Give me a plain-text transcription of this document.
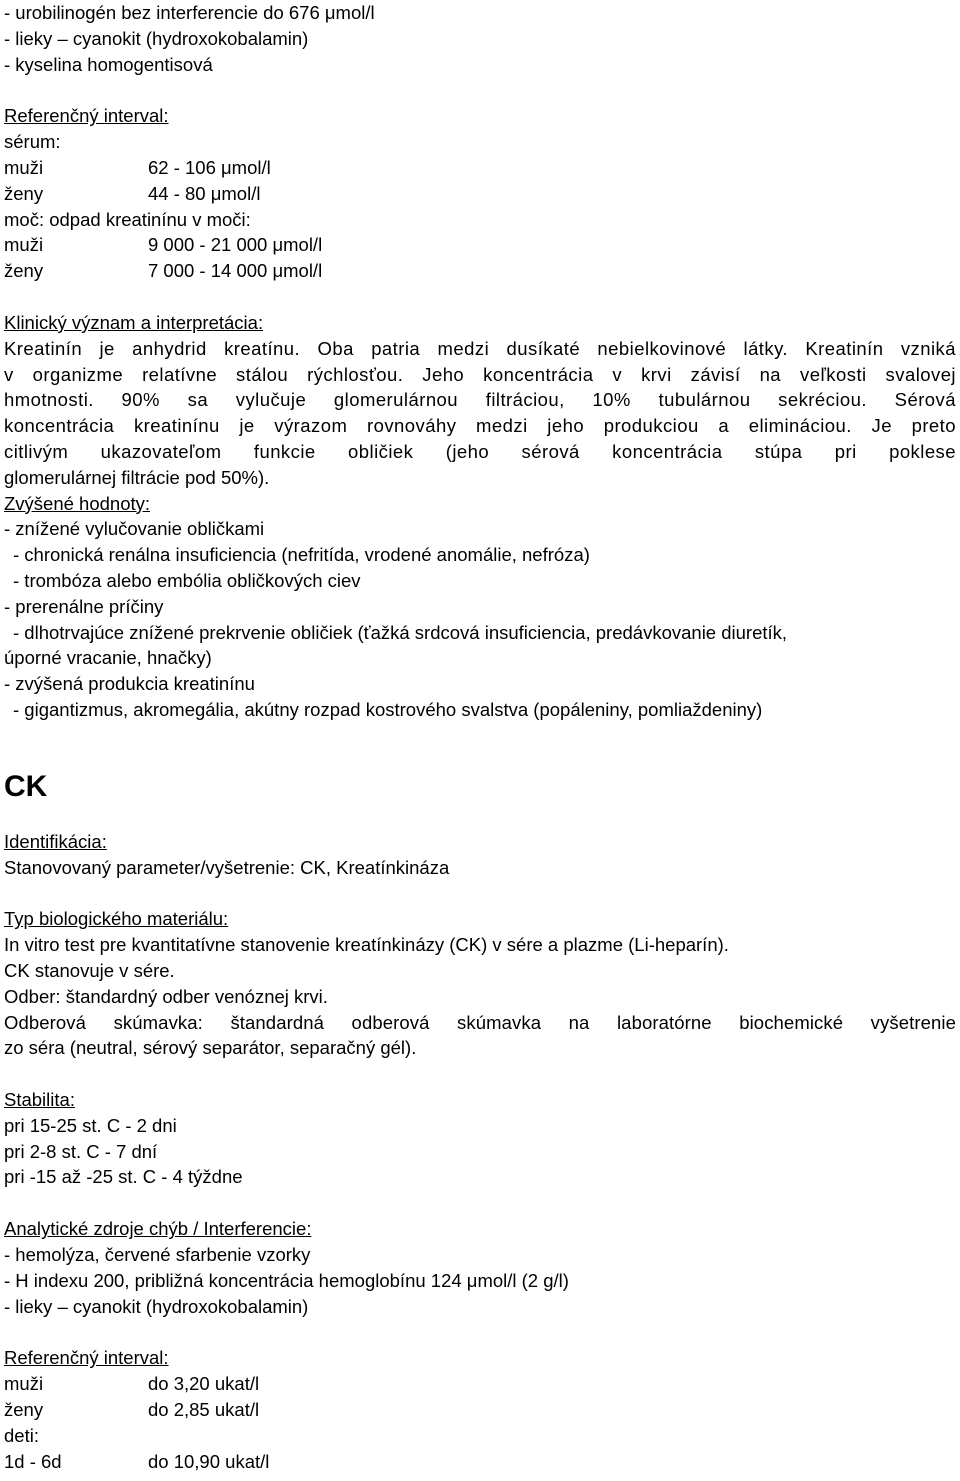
- urobilinogén bez interferencie do 676 μmol/l
- lieky – cyanokit (hydroxokobalamin)
- kyselina homogentisová
Referenčný interval:
sérum:
muži	62 - 106 μmol/l
ženy	44 - 80 μmol/l
moč: odpad kreatinínu v moči:
muži	9 000 - 21 000 μmol/l
ženy	7 000 - 14 000 μmol/l
Klinický význam a interpretácia:
Kreatinín je anhydrid kreatínu. Oba patria medzi dusíkaté nebielkovinové látky. Kreatinín vzniká
v organizme relatívne stálou rýchlosťou. Jeho koncentrácia v krvi závisí na veľkosti svalovej
hmotnosti. 90% sa vylučuje glomerulárnou filtráciou, 10% tubulárnou sekréciou. Sérová
koncentrácia kreatinínu je výrazom rovnováhy medzi jeho produkciou a elimináciou. Je preto
citlivým ukazovateľom funkcie obličiek (jeho sérová koncentrácia stúpa pri poklese
glomerulárnej filtrácie pod 50%).
Zvýšené hodnoty:
- znížené vylučovanie obličkami
- chronická renálna insuficiencia (nefritída, vrodené anomálie, nefróza)
- trombóza alebo embólia obličkových ciev
- prerenálne príčiny
- dlhotrvajúce znížené prekrvenie obličiek (ťažká srdcová insuficiencia, predávkovanie diuretík,
úporné vracanie, hnačky)
- zvýšená produkcia kreatinínu
- gigantizmus, akromegália, akútny rozpad kostrového svalstva (popáleniny, pomliaždeniny)
CK
Identifikácia:
Stanovovaný parameter/vyšetrenie: CK, Kreatínkináza
Typ biologického materiálu:
In vitro test pre kvantitatívne stanovenie kreatínkinázy (CK) v sére a plazme (Li-heparín).
CK stanovuje v sére.
Odber: štandardný odber venóznej krvi.
Odberová skúmavka: štandardná odberová skúmavka na laboratórne biochemické vyšetrenie
zo séra (neutral, sérový separátor, separačný gél).
Stabilita:
pri 15-25 st. C - 2 dni
pri 2-8 st. C - 7 dní
pri -15 až -25 st. C - 4 týždne
Analytické zdroje chýb / Interferencie:
- hemolýza, červené sfarbenie vzorky
- H indexu 200, približná koncentrácia hemoglobínu 124 μmol/l (2 g/l)
- lieky – cyanokit (hydroxokobalamin)
Referenčný interval:
muži	do 3,20 ukat/l
ženy	do 2,85 ukat/l
deti:
1d - 6d	do 10,90 ukat/l
